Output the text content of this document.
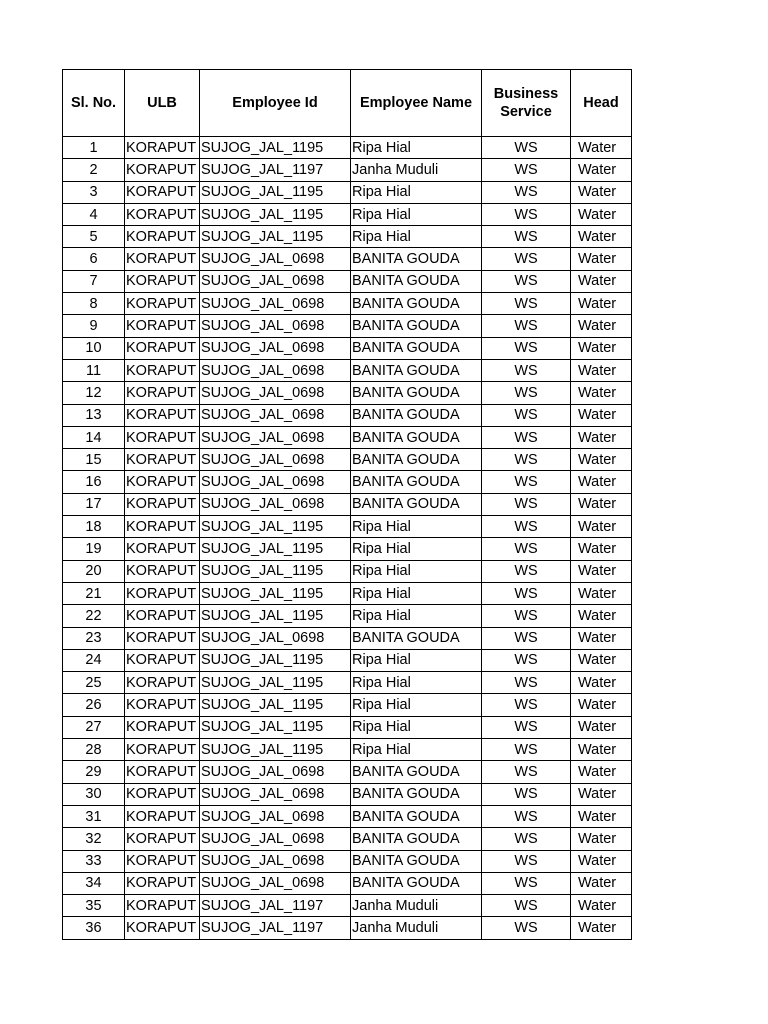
Sl. No.	ULB	Employee Id	Employee Name	Business Service	Head
1	KORAPUT	SUJOG_JAL_1195	Ripa Hial	WS	Water
2	KORAPUT	SUJOG_JAL_1197	Janha Muduli	WS	Water
3	KORAPUT	SUJOG_JAL_1195	Ripa Hial	WS	Water
4	KORAPUT	SUJOG_JAL_1195	Ripa Hial	WS	Water
5	KORAPUT	SUJOG_JAL_1195	Ripa Hial	WS	Water
6	KORAPUT	SUJOG_JAL_0698	BANITA GOUDA	WS	Water
7	KORAPUT	SUJOG_JAL_0698	BANITA GOUDA	WS	Water
8	KORAPUT	SUJOG_JAL_0698	BANITA GOUDA	WS	Water
9	KORAPUT	SUJOG_JAL_0698	BANITA GOUDA	WS	Water
10	KORAPUT	SUJOG_JAL_0698	BANITA GOUDA	WS	Water
11	KORAPUT	SUJOG_JAL_0698	BANITA GOUDA	WS	Water
12	KORAPUT	SUJOG_JAL_0698	BANITA GOUDA	WS	Water
13	KORAPUT	SUJOG_JAL_0698	BANITA GOUDA	WS	Water
14	KORAPUT	SUJOG_JAL_0698	BANITA GOUDA	WS	Water
15	KORAPUT	SUJOG_JAL_0698	BANITA GOUDA	WS	Water
16	KORAPUT	SUJOG_JAL_0698	BANITA GOUDA	WS	Water
17	KORAPUT	SUJOG_JAL_0698	BANITA GOUDA	WS	Water
18	KORAPUT	SUJOG_JAL_1195	Ripa Hial	WS	Water
19	KORAPUT	SUJOG_JAL_1195	Ripa Hial	WS	Water
20	KORAPUT	SUJOG_JAL_1195	Ripa Hial	WS	Water
21	KORAPUT	SUJOG_JAL_1195	Ripa Hial	WS	Water
22	KORAPUT	SUJOG_JAL_1195	Ripa Hial	WS	Water
23	KORAPUT	SUJOG_JAL_0698	BANITA GOUDA	WS	Water
24	KORAPUT	SUJOG_JAL_1195	Ripa Hial	WS	Water
25	KORAPUT	SUJOG_JAL_1195	Ripa Hial	WS	Water
26	KORAPUT	SUJOG_JAL_1195	Ripa Hial	WS	Water
27	KORAPUT	SUJOG_JAL_1195	Ripa Hial	WS	Water
28	KORAPUT	SUJOG_JAL_1195	Ripa Hial	WS	Water
29	KORAPUT	SUJOG_JAL_0698	BANITA GOUDA	WS	Water
30	KORAPUT	SUJOG_JAL_0698	BANITA GOUDA	WS	Water
31	KORAPUT	SUJOG_JAL_0698	BANITA GOUDA	WS	Water
32	KORAPUT	SUJOG_JAL_0698	BANITA GOUDA	WS	Water
33	KORAPUT	SUJOG_JAL_0698	BANITA GOUDA	WS	Water
34	KORAPUT	SUJOG_JAL_0698	BANITA GOUDA	WS	Water
35	KORAPUT	SUJOG_JAL_1197	Janha Muduli	WS	Water
36	KORAPUT	SUJOG_JAL_1197	Janha Muduli	WS	Water
